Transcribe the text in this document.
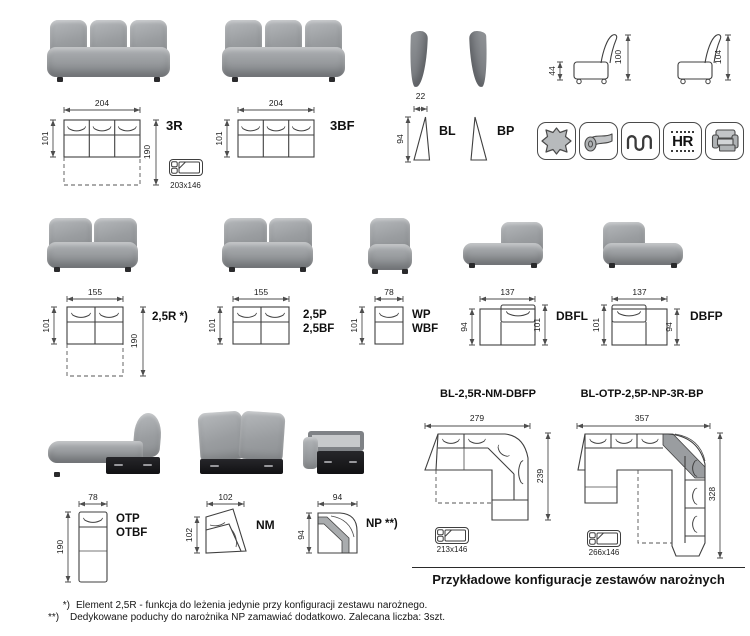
44
100	104
204
101
190
203x146
3R
204
101
3BF
22
94
BL	BP
HR
155
101
190
2,5R *)
155
101
2,5P
2,5BF
78
101
WP
WBF
137
94	101
DBFL
137
101	94
DBFP
78
190
OTP
OTBF
102
102
NM
94
94
NP **)
BL-2,5R-NM-DBFP
279
239
213x146
BL-OTP-2,5P-NP-3R-BP
357
328
266x146
Przykładowe konfiguracje zestawów narożnych
*) Element 2,5R - funkcja do leżenia jedynie przy konfiguracji zestawu narożnego.
**) Dedykowane poduchy do narożnika NP zamawiać dodatkowo. Zalecana liczba: 3szt.
